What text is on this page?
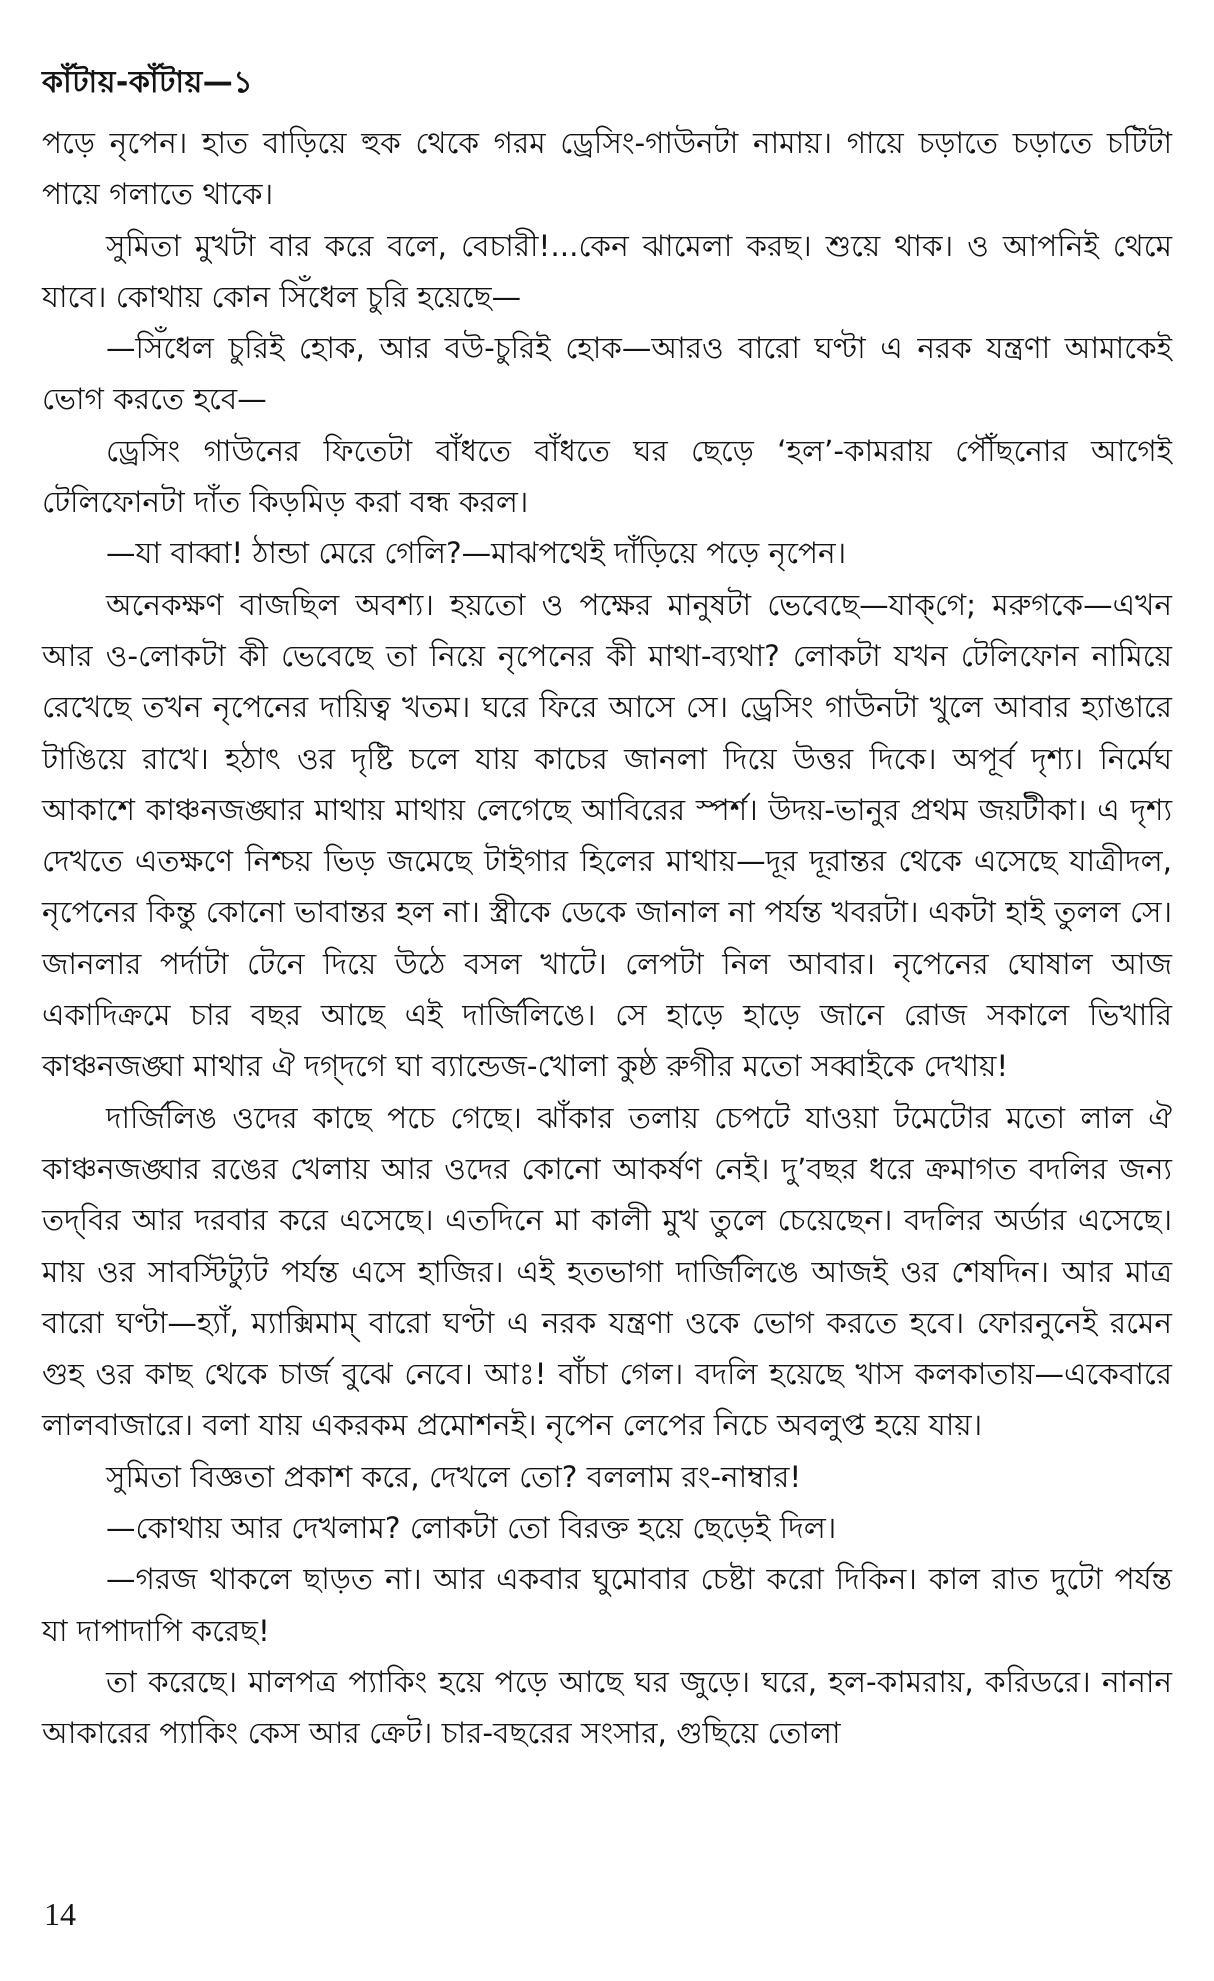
কাঁটায়-কাঁটায়—১

পড়ে নৃপেন। হাত বাড়িয়ে হুক থেকে গরম ড্রেসিং-গাউনটা নামায়। গায়ে চড়াতে চড়াতে চটিটা পায়ে গলাতে থাকে।

সুমিতা মুখটা বার করে বলে, বেচারী!...কেন ঝামেলা করছ। শুয়ে থাক। ও আপনিই থেমে যাবে। কোথায় কোন সিঁধেল চুরি হয়েছে—

—সিঁধেল চুরিই হোক, আর বউ-চুরিই হোক—আরও বারো ঘণ্টা এ নরক যন্ত্রণা আমাকেই ভোগ করতে হবে—

ড্রেসিং গাউনের ফিতেটা বাঁধতে বাঁধতে ঘর ছেড়ে ‘হল’-কামরায় পৌঁছনোর আগেই টেলিফোনটা দাঁত কিড়মিড় করা বন্ধ করল।

—যা বাব্বা! ঠান্ডা মেরে গেলি?—মাঝপথেই দাঁড়িয়ে পড়ে নৃপেন।

অনেকক্ষণ বাজছিল অবশ্য। হয়তো ও পক্ষের মানুষটা ভেবেছে—যাক্‌গে; মরুগকে—এখন আর ও-লোকটা কী ভেবেছে তা নিয়ে নৃপেনের কী মাথা-ব্যথা? লোকটা যখন টেলিফোন নামিয়ে রেখেছে তখন নৃপেনের দায়িত্ব খতম। ঘরে ফিরে আসে সে। ড্রেসিং গাউনটা খুলে আবার হ্যাঙারে টাঙিয়ে রাখে। হঠাৎ ওর দৃষ্টি চলে যায় কাচের জানলা দিয়ে উত্তর দিকে। অপূর্ব দৃশ্য। নির্মেঘ আকাশে কাঞ্চনজঙ্ঘার মাথায় মাথায় লেগেছে আবিরের স্পর্শ। উদয়-ভানুর প্রথম জয়টীকা। এ দৃশ্য দেখতে এতক্ষণে নিশ্চয় ভিড় জমেছে টাইগার হিলের মাথায়—দূর দূরান্তর থেকে এসেছে যাত্রীদল, নৃপেনের কিন্তু কোনো ভাবান্তর হল না। স্ত্রীকে ডেকে জানাল না পর্যন্ত খবরটা। একটা হাই তুলল সে। জানলার পর্দাটা টেনে দিয়ে উঠে বসল খাটে। লেপটা নিল আবার। নৃপেনের ঘোষাল আজ একাদিক্রমে চার বছর আছে এই দার্জিলিঙে। সে হাড়ে হাড়ে জানে রোজ সকালে ভিখারি কাঞ্চনজঙ্ঘা মাথার ঐ দগ্‌দগে ঘা ব্যান্ডেজ-খোলা কুষ্ঠ রুগীর মতো সব্বাইকে দেখায়!

দার্জিলিঙ ওদের কাছে পচে গেছে। ঝাঁকার তলায় চেপটে যাওয়া টমেটোর মতো লাল ঐ কাঞ্চনজঙ্ঘার রঙের খেলায় আর ওদের কোনো আকর্ষণ নেই। দু’বছর ধরে ক্রমাগত বদলির জন্য তদ্‌বির আর দরবার করে এসেছে। এতদিনে মা কালী মুখ তুলে চেয়েছেন। বদলির অর্ডার এসেছে। মায় ওর সাবস্টিট্যুট পর্যন্ত এসে হাজির। এই হতভাগা দার্জিলিঙে আজই ওর শেষদিন। আর মাত্র বারো ঘণ্টা—হ্যাঁ, ম্যাক্সিমাম্‌ বারো ঘণ্টা এ নরক যন্ত্রণা ওকে ভোগ করতে হবে। ফোরনুনেই রমেন গুহ ওর কাছ থেকে চার্জ বুঝে নেবে। আঃ! বাঁচা গেল। বদলি হয়েছে খাস কলকাতায়—একেবারে লালবাজারে। বলা যায় একরকম প্রমোশনই। নৃপেন লেপের নিচে অবলুপ্ত হয়ে যায়।

সুমিতা বিজ্ঞতা প্রকাশ করে, দেখলে তো? বললাম রং-নাম্বার!

—কোথায় আর দেখলাম? লোকটা তো বিরক্ত হয়ে ছেড়েই দিল।

—গরজ থাকলে ছাড়ত না। আর একবার ঘুমোবার চেষ্টা করো দিকিন। কাল রাত দুটো পর্যন্ত যা দাপাদাপি করেছ!

তা করেছে। মালপত্র প্যাকিং হয়ে পড়ে আছে ঘর জুড়ে। ঘরে, হল-কামরায়, করিডরে। নানান আকারের প্যাকিং কেস আর ক্রেট। চার-বছরের সংসার, গুছিয়ে তোলা

14
